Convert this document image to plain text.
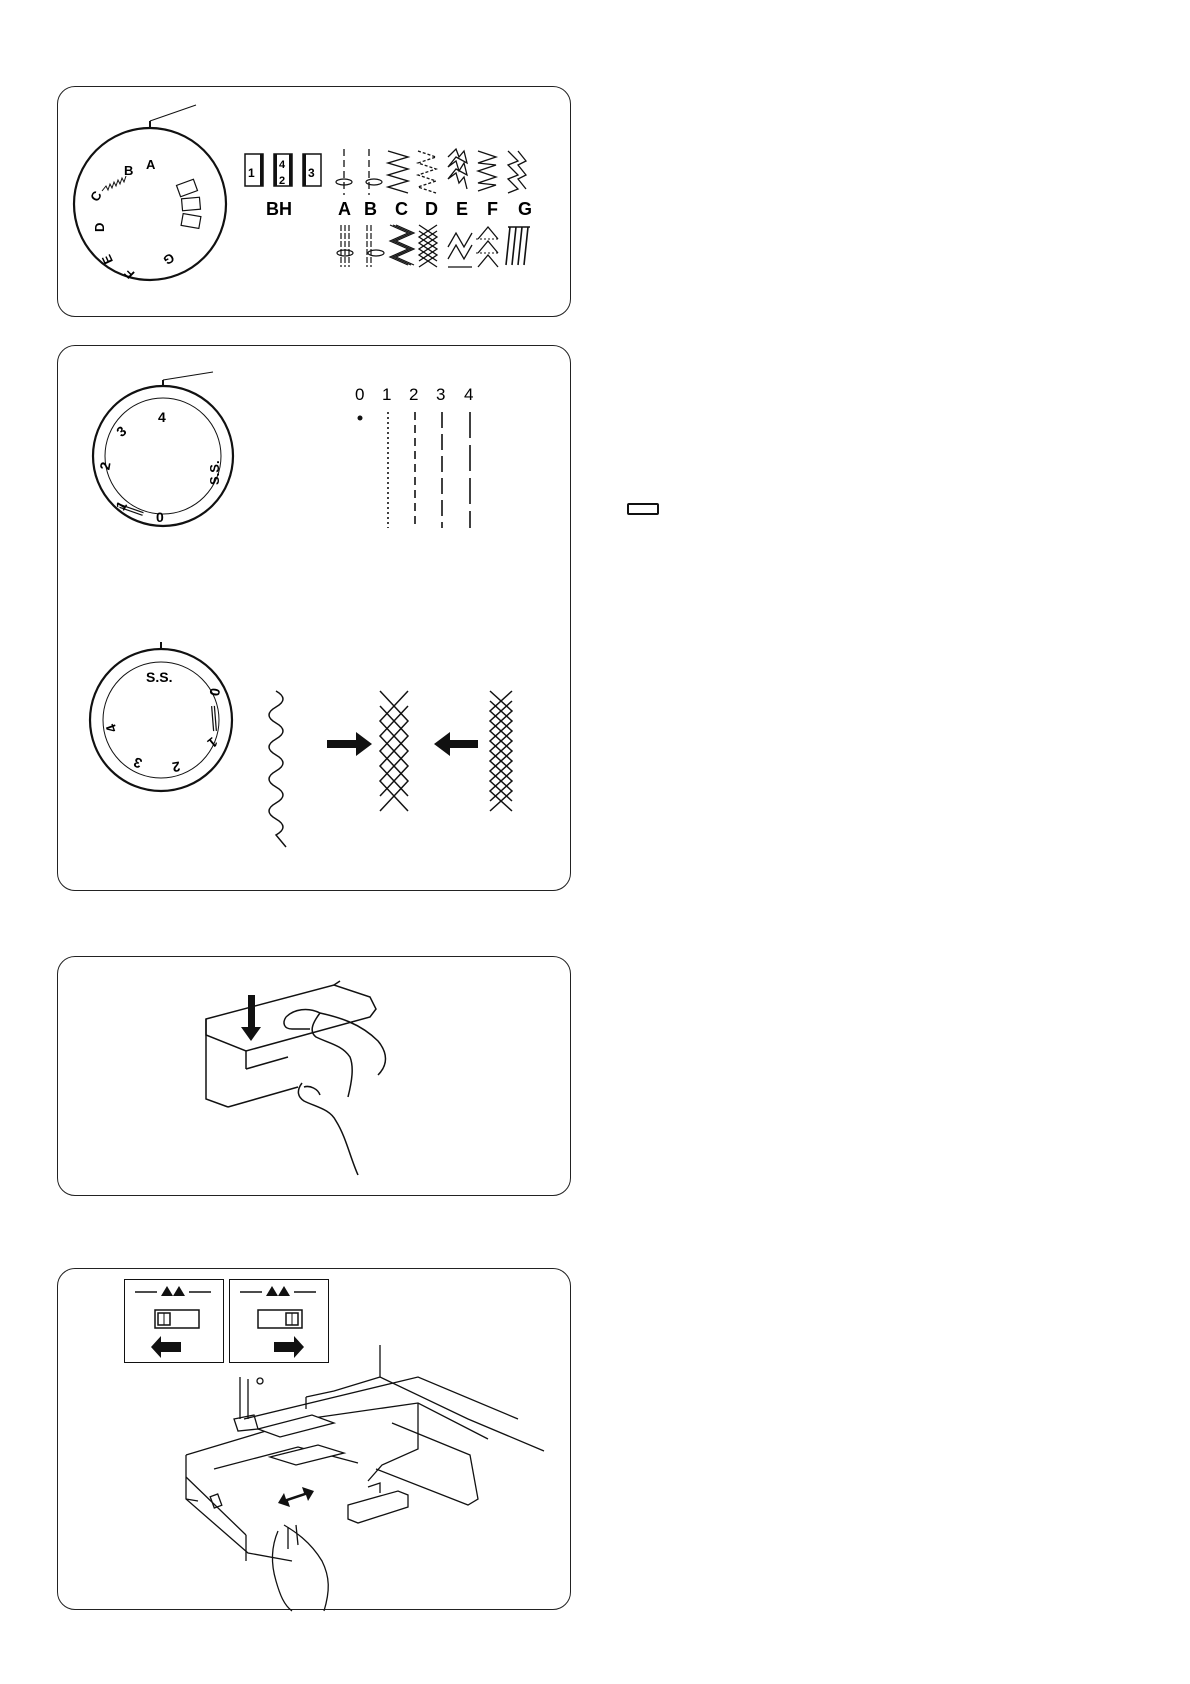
A
B
C
D
E
F
G
1
4
2
3
BH	A B C D E F G
0
1
2
3
4
S.S.
0 1 2 3 4
S.S.
0
1
2
3
4
